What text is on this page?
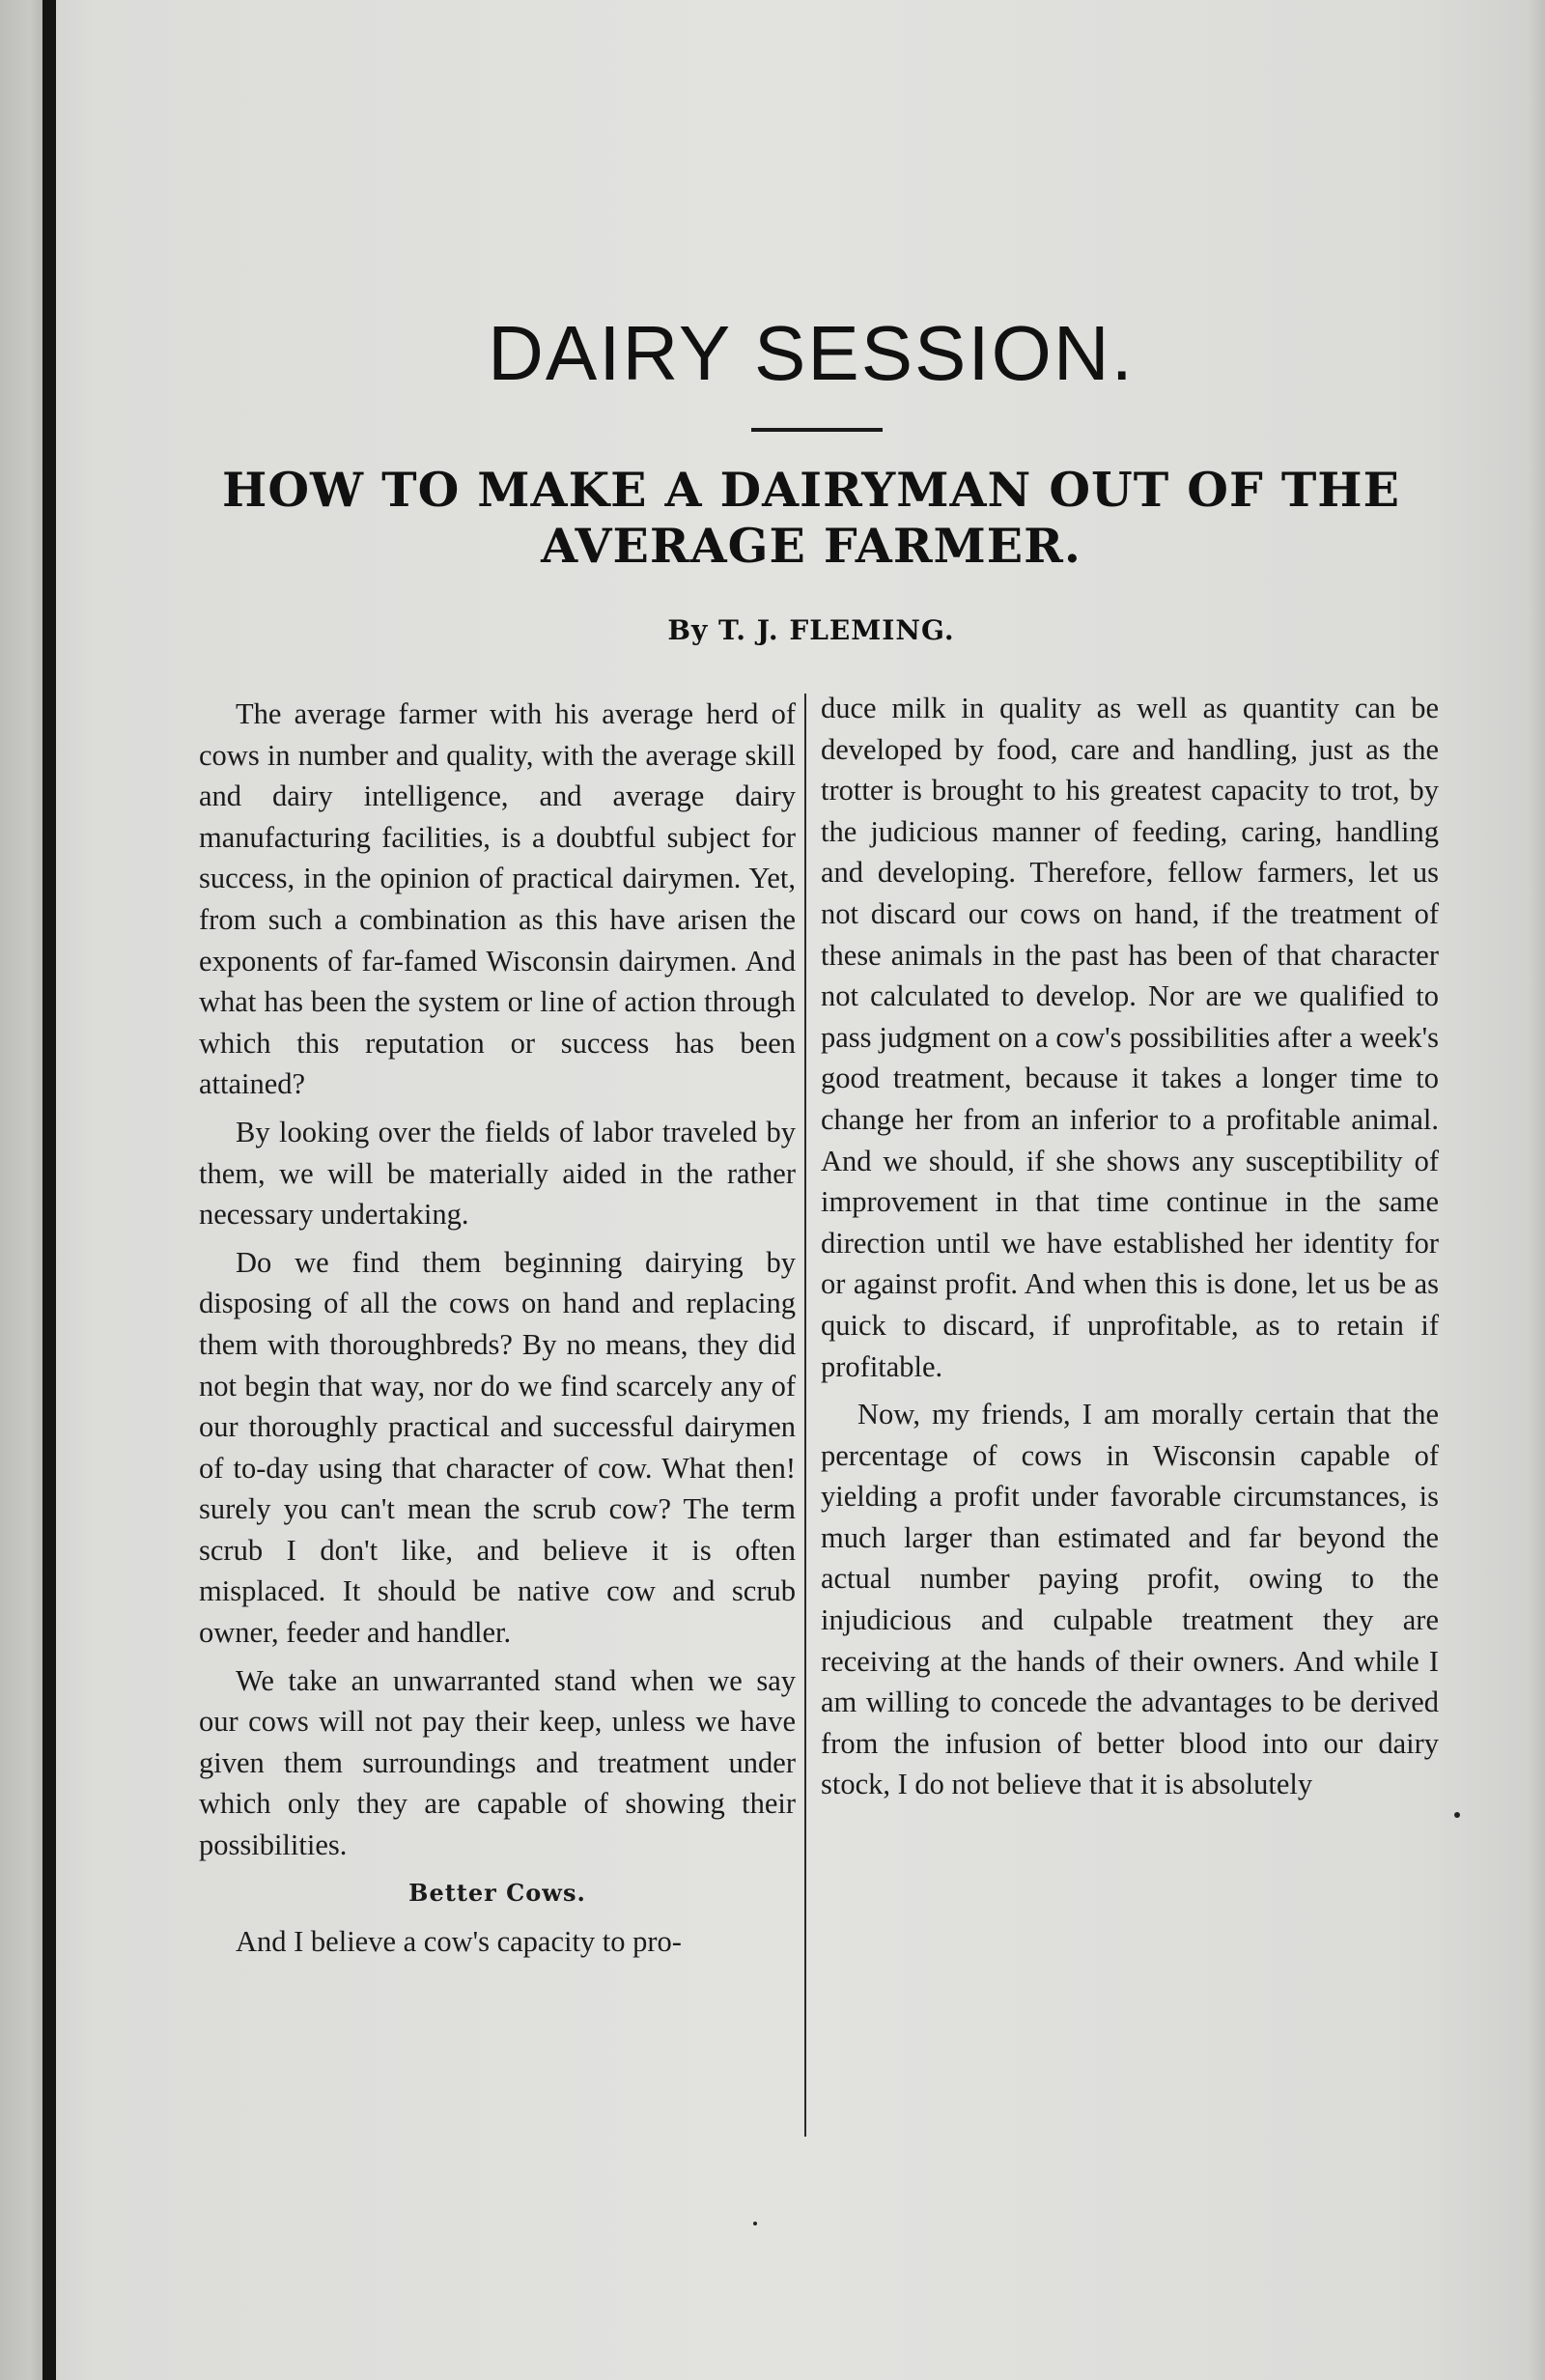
DAIRY SESSION.
HOW TO MAKE A DAIRYMAN OUT OF THE AVERAGE FARMER.
By T. J. FLEMING.

The average farmer with his average herd of cows in number and quality, with the average skill and dairy intelligence, and average dairy manufacturing facilities, is a doubtful subject for success, in the opinion of practical dairymen. Yet, from such a combination as this have arisen the exponents of far-famed Wisconsin dairymen. And what has been the system or line of action through which this reputation or success has been attained?

By looking over the fields of labor traveled by them, we will be materially aided in the rather necessary undertaking.

Do we find them beginning dairying by disposing of all the cows on hand and replacing them with thoroughbreds? By no means, they did not begin that way, nor do we find scarcely any of our thoroughly practical and successful dairymen of to-day using that character of cow. What then! surely you can't mean the scrub cow? The term scrub I don't like, and believe it is often misplaced. It should be native cow and scrub owner, feeder and handler.

We take an unwarranted stand when we say our cows will not pay their keep, unless we have given them surroundings and treatment under which only they are capable of showing their possibilities.

Better Cows.

And I believe a cow's capacity to pro-

duce milk in quality as well as quantity can be developed by food, care and handling, just as the trotter is brought to his greatest capacity to trot, by the judicious manner of feeding, caring, handling and developing. Therefore, fellow farmers, let us not discard our cows on hand, if the treatment of these animals in the past has been of that character not calculated to develop. Nor are we qualified to pass judgment on a cow's possibilities after a week's good treatment, because it takes a longer time to change her from an inferior to a profitable animal. And we should, if she shows any susceptibility of improvement in that time continue in the same direction until we have established her identity for or against profit. And when this is done, let us be as quick to discard, if unprofitable, as to retain if profitable.

Now, my friends, I am morally certain that the percentage of cows in Wisconsin capable of yielding a profit under favorable circumstances, is much larger than estimated and far beyond the actual number paying profit, owing to the injudicious and culpable treatment they are receiving at the hands of their owners. And while I am willing to concede the advantages to be derived from the infusion of better blood into our dairy stock, I do not believe that it is absolutely
